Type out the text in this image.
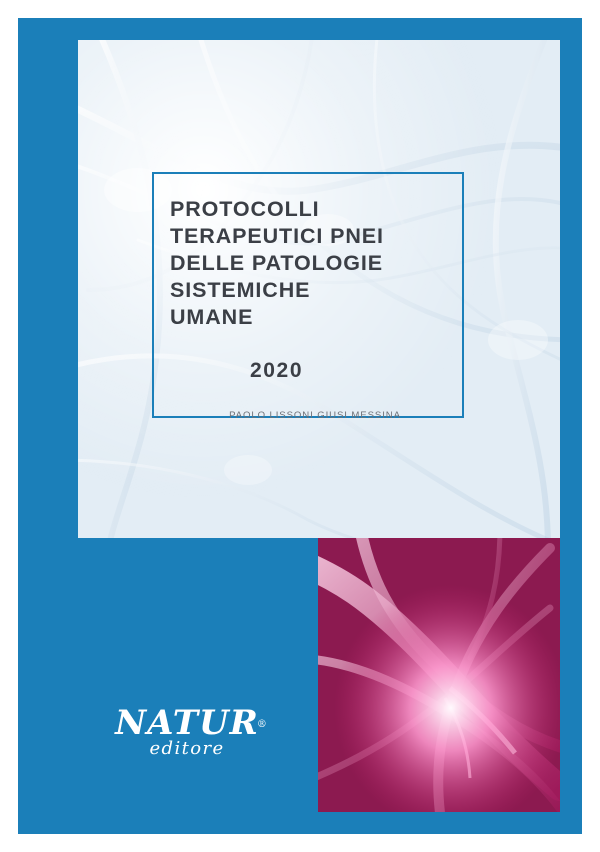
PROTOCOLLI
TERAPEUTICI PNEI
DELLE PATOLOGIE
SISTEMICHE
UMANE
2020
PAOLO LISSONI GIUSI MESSINA
NATUR
®
editore
